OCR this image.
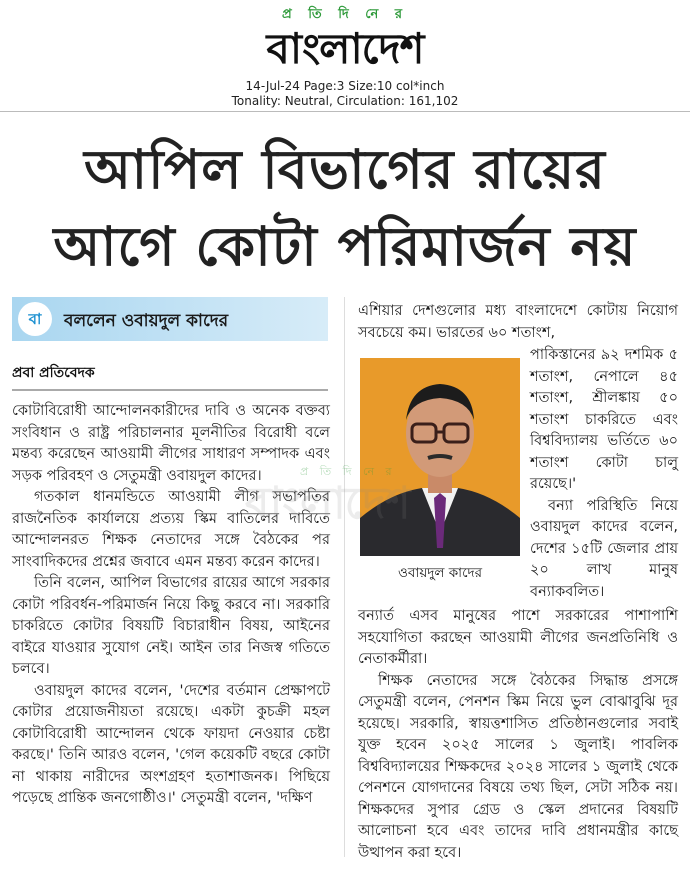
প্র তি দি নে র
বাংলাদেশ
14-Jul-24 Page:3 Size:10 col*inch
Tonality: Neutral, Circulation: 161,102
আপিল বিভাগের রায়ের
আগে কোটা পরিমার্জন নয়
বা	বললেন ওবায়দুল কাদের
প্রবা প্রতিবেদক

কোটাবিরোধী আন্দোলনকারীদের দাবি ও অনেক বক্তব্য সংবিধান ও রাষ্ট্র পরিচালনার মূলনীতির বিরোধী বলে মন্তব্য করেছেন আওয়ামী লীগের সাধারণ সম্পাদক এবং সড়ক পরিবহণ ও সেতুমন্ত্রী ওবায়দুল কাদের।

গতকাল ধানমন্ডিতে আওয়ামী লীগ সভাপতির রাজনৈতিক কার্যালয়ে প্রত্যয় স্কিম বাতিলের দাবিতে আন্দোলনরত শিক্ষক নেতাদের সঙ্গে বৈঠকের পর সাংবাদিকদের প্রশ্নের জবাবে এমন মন্তব্য করেন কাদের।

তিনি বলেন, আপিল বিভাগের রায়ের আগে সরকার কোটা পরিবর্ধন-পরিমার্জন নিয়ে কিছু করবে না। সরকারি চাকরিতে কোটার বিষয়টি বিচারাধীন বিষয়, আইনের বাইরে যাওয়ার সুযোগ নেই। আইন তার নিজস্ব গতিতে চলবে।

ওবায়দুল কাদের বলেন, 'দেশের বর্তমান প্রেক্ষাপটে কোটার প্রয়োজনীয়তা রয়েছে। একটা কুচক্রী মহল কোটাবিরোধী আন্দোলন থেকে ফায়দা নেওয়ার চেষ্টা করছে।' তিনি আরও বলেন, 'গেল কয়েকটি বছরে কোটা না থাকায় নারীদের অংশগ্রহণ হতাশাজনক। পিছিয়ে পড়েছে প্রান্তিক জনগোষ্ঠীও।' সেতুমন্ত্রী বলেন, 'দক্ষিণ

এশিয়ার দেশগুলোর মধ্য বাংলাদেশে কোটায় নিয়োগ সবচেয়ে কম। ভারতের ৬০ শতাংশ,

ওবায়দুল কাদের

পাকিস্তানের ৯২ দশমিক ৫ শতাংশ, নেপালে ৪৫ শতাংশ, শ্রীলঙ্কায় ৫০ শতাংশ চাকরিতে এবং বিশ্ববিদ্যালয় ভর্তিতে ৬০ শতাংশ কোটা চালু রয়েছে।'

বন্যা পরিস্থিতি নিয়ে ওবায়দুল কাদের বলেন, দেশের ১৫টি জেলার প্রায় ২০ লাখ মানুষ বন্যাকবলিত।

বন্যার্ত এসব মানুষের পাশে সরকারের পাশাপাশি সহযোগিতা করছেন আওয়ামী লীগের জনপ্রতিনিধি ও নেতাকর্মীরা।

শিক্ষক নেতাদের সঙ্গে বৈঠকের সিদ্ধান্ত প্রসঙ্গে সেতুমন্ত্রী বলেন, পেনশন স্কিম নিয়ে ভুল বোঝাবুঝি দূর হয়েছে। সরকারি, স্বায়ত্তশাসিত প্রতিষ্ঠানগুলোর সবাই যুক্ত হবেন ২০২৫ সালের ১ জুলাই। পাবলিক বিশ্ববিদ্যালয়ের শিক্ষকদের ২০২৪ সালের ১ জুলাই থেকে পেনশনে যোগদানের বিষয়ে তথ্য ছিল, সেটা সঠিক নয়। শিক্ষকদের সুপার গ্রেড ও স্কেল প্রদানের বিষয়টি আলোচনা হবে এবং তাদের দাবি প্রধানমন্ত্রীর কাছে উত্থাপন করা হবে।

প্র তি দি নে র
বাংলাদেশ
